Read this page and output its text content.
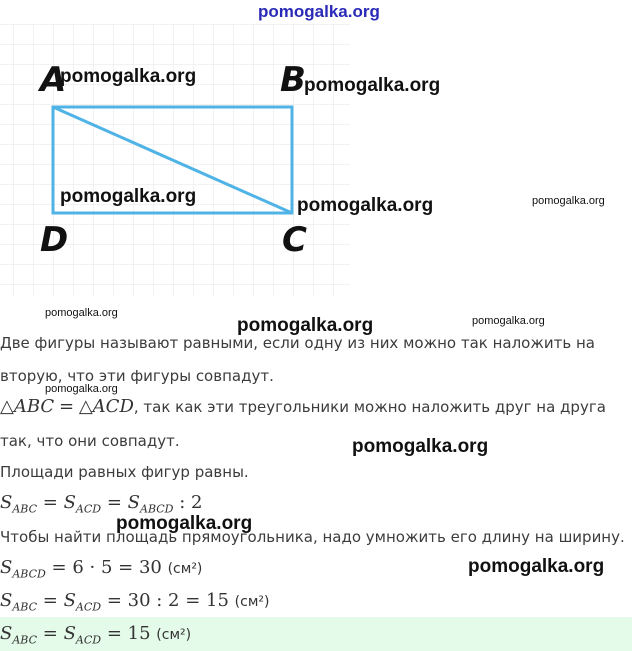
pomogalka.org
A	B
C
D
pomogalka.org	pomogalka.org
pomogalka.org	pomogalka.org	pomogalka.org
pomogalka.org
pomogalka.org	pomogalka.org
Две фигуры называют равными, если одну из них можно так наложить на
вторую, что эти фигуры совпадут.
pomogalka.org
△ABC = △ACD, так как эти треугольники можно наложить друг на друга
так, что они совпадут.	pomogalka.org
Площади равных фигур равны.
$S_{ABC} = S_{ACD} = S_{ABCD}$ : 2
Чтобы найти площадь прямоугольника, надо умножить его длину на ширину.
pomogalka.org
$S_{ABCD} = 6 \cdot 5 = 30$ (см²)	pomogalka.org
$S_{ABC} = S_{ACD} = 30$ : 2 = 15 (см²)
$S_{ABC} = S_{ACD} = 15$ (см²)
